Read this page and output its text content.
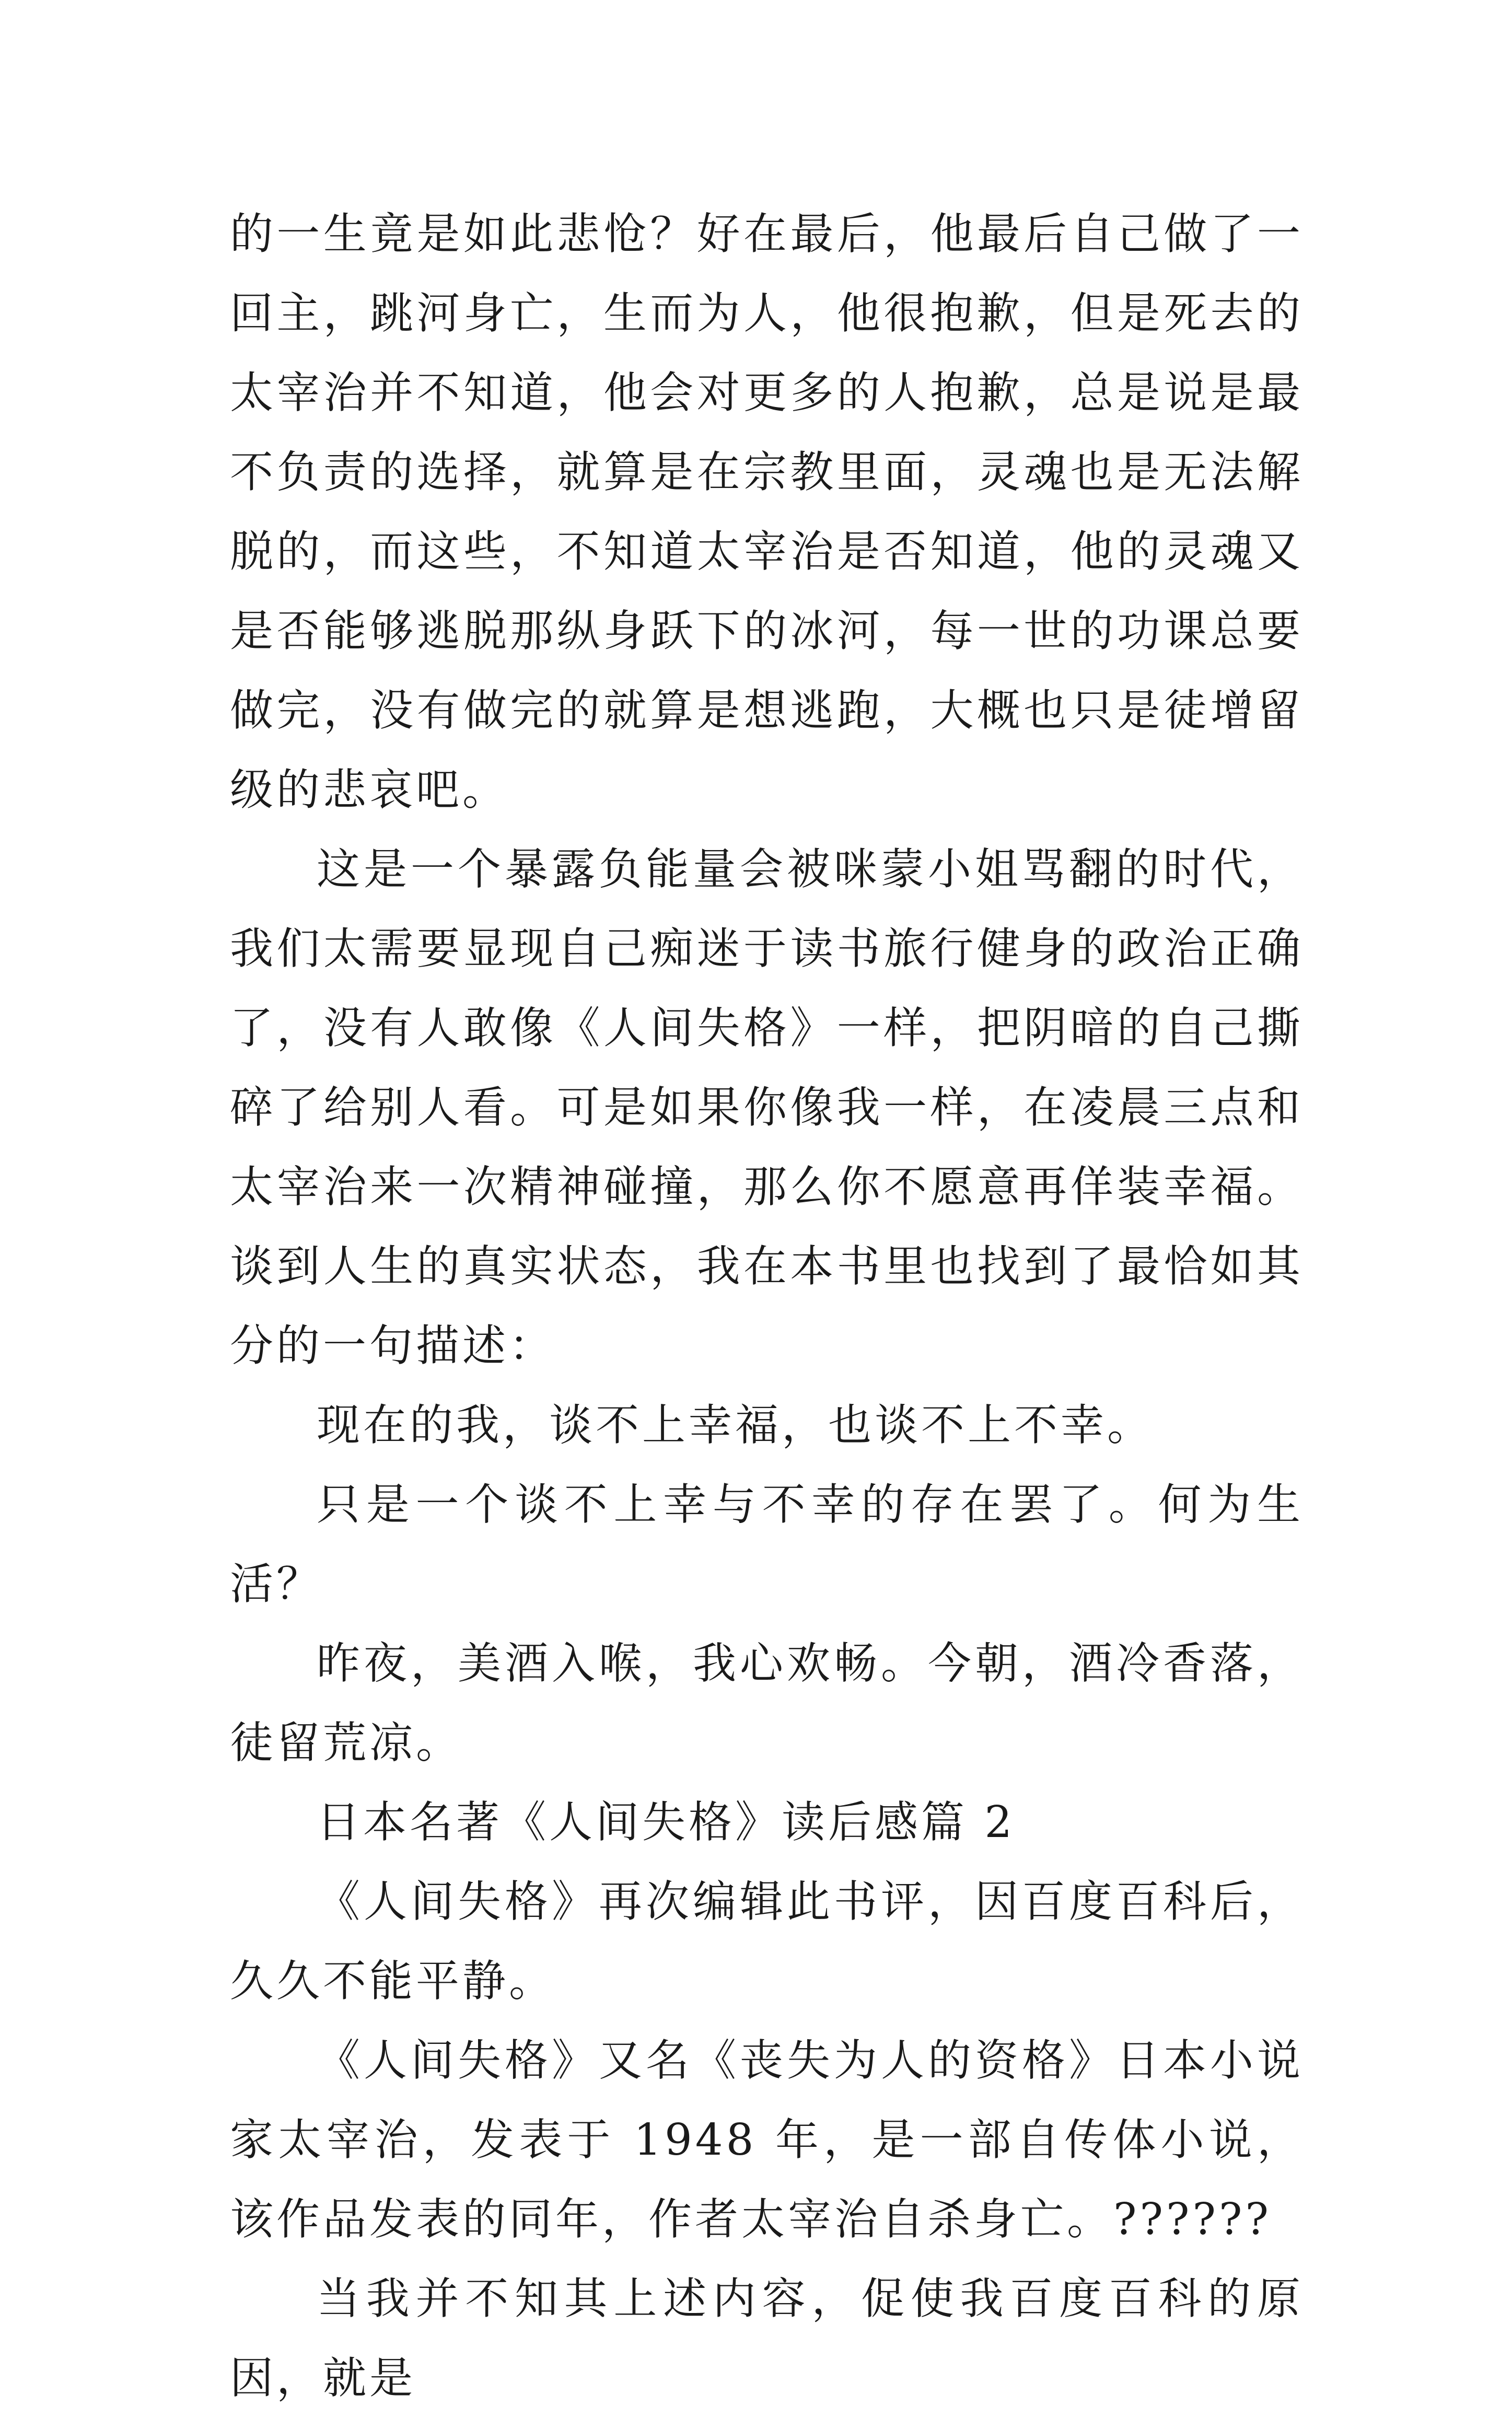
的一生竟是如此悲怆？好在最后，他最后自己做了一回主，跳河身亡，生而为人，他很抱歉，但是死去的太宰治并不知道，他会对更多的人抱歉，总是说是最不负责的选择，就算是在宗教里面，灵魂也是无法解脱的，而这些，不知道太宰治是否知道，他的灵魂又是否能够逃脱那纵身跃下的冰河，每一世的功课总要做完，没有做完的就算是想逃跑，大概也只是徒增留级的悲哀吧。

这是一个暴露负能量会被咪蒙小姐骂翻的时代，我们太需要显现自己痴迷于读书旅行健身的政治正确了，没有人敢像《人间失格》一样，把阴暗的自己撕碎了给别人看。可是如果你像我一样，在凌晨三点和太宰治来一次精神碰撞，那么你不愿意再佯装幸福。谈到人生的真实状态，我在本书里也找到了最恰如其分的一句描述：

现在的我，谈不上幸福，也谈不上不幸。

只是一个谈不上幸与不幸的存在罢了。何为生活？

昨夜，美酒入喉，我心欢畅。今朝，酒冷香落，徒留荒凉。

日本名著《人间失格》读后感篇 2

《人间失格》再次编辑此书评，因百度百科后，久久不能平静。

《人间失格》又名《丧失为人的资格》日本小说家太宰治，发表于 1948 年，是一部自传体小说，该作品发表的同年，作者太宰治自杀身亡。??????

当我并不知其上述内容，促使我百度百科的原因，就是
